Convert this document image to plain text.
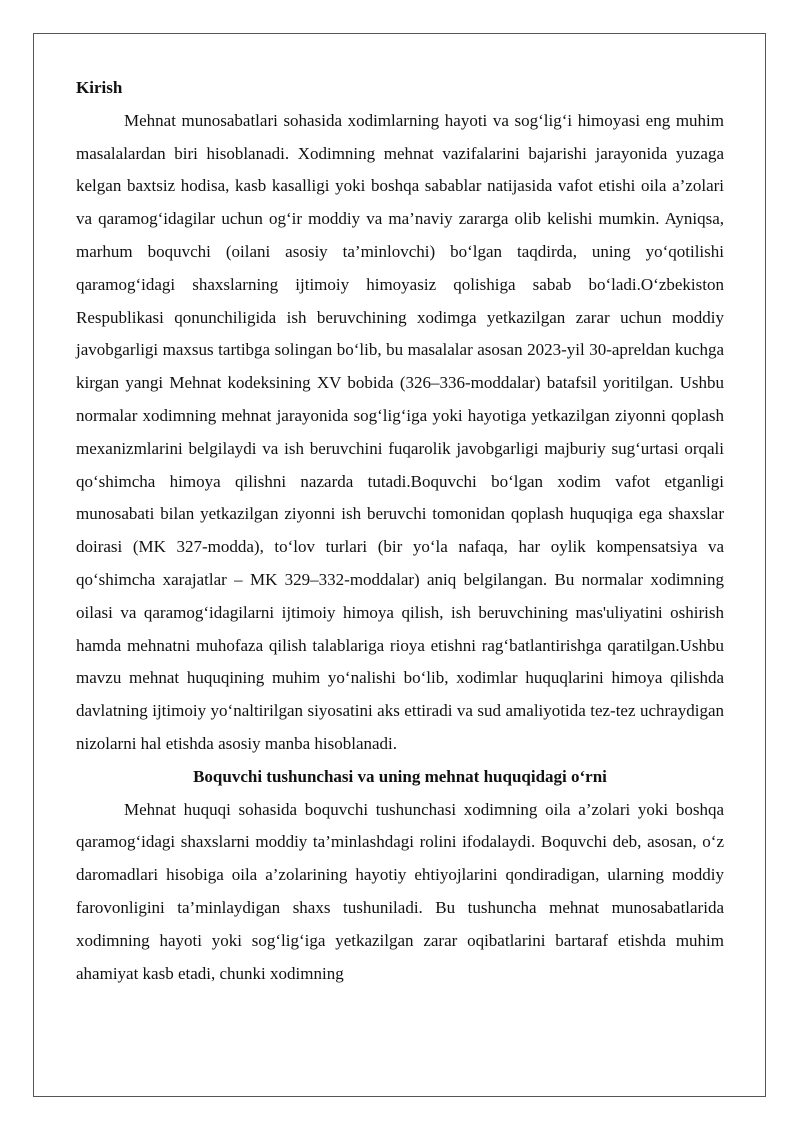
Kirish

Mehnat munosabatlari sohasida xodimlarning hayoti va sog‘lig‘i himoyasi eng muhim masalalardan biri hisoblanadi. Xodimning mehnat vazifalarini bajarishi jarayonida yuzaga kelgan baxtsiz hodisa, kasb kasalligi yoki boshqa sabablar natijasida vafot etishi oila a’zolari va qaramog‘idagilar uchun og‘ir moddiy va ma’naviy zararga olib kelishi mumkin. Ayniqsa, marhum boquvchi (oilani asosiy ta’minlovchi) bo‘lgan taqdirda, uning yo‘qotilishi qaramog‘idagi shaxslarning ijtimoiy himoyasiz qolishiga sabab bo‘ladi.O‘zbekiston Respublikasi qonunchiligida ish beruvchining xodimga yetkazilgan zarar uchun moddiy javobgarligi maxsus tartibga solingan bo‘lib, bu masalalar asosan 2023-yil 30-apreldan kuchga kirgan yangi Mehnat kodeksining XV bobida (326–336-moddalar) batafsil yoritilgan. Ushbu normalar xodimning mehnat jarayonida sog‘lig‘iga yoki hayotiga yetkazilgan ziyonni qoplash mexanizmlarini belgilaydi va ish beruvchini fuqarolik javobgarligi majburiy sug‘urtasi orqali qo‘shimcha himoya qilishni nazarda tutadi.Boquvchi bo‘lgan xodim vafot etganligi munosabati bilan yetkazilgan ziyonni ish beruvchi tomonidan qoplash huquqiga ega shaxslar doirasi (MK 327-modda), to‘lov turlari (bir yo‘la nafaqa, har oylik kompensatsiya va qo‘shimcha xarajatlar – MK 329–332-moddalar) aniq belgilangan. Bu normalar xodimning oilasi va qaramog‘idagilarni ijtimoiy himoya qilish, ish beruvchining mas'uliyatini oshirish hamda mehnatni muhofaza qilish talablariga rioya etishni rag‘batlantirishga qaratilgan.Ushbu mavzu mehnat huquqining muhim yo‘nalishi bo‘lib, xodimlar huquqlarini himoya qilishda davlatning ijtimoiy yo‘naltirilgan siyosatini aks ettiradi va sud amaliyotida tez-tez uchraydigan nizolarni hal etishda asosiy manba hisoblanadi.

Boquvchi tushunchasi va uning mehnat huquqidagi o‘rni

Mehnat huquqi sohasida boquvchi tushunchasi xodimning oila a’zolari yoki boshqa qaramog‘idagi shaxslarni moddiy ta’minlashdagi rolini ifodalaydi. Boquvchi deb, asosan, o‘z daromadlari hisobiga oila a’zolarining hayotiy ehtiyojlarini qondiradigan, ularning moddiy farovonligini ta’minlaydigan shaxs tushuniladi. Bu tushuncha mehnat munosabatlarida xodimning hayoti yoki sog‘lig‘iga yetkazilgan zarar oqibatlarini bartaraf etishda muhim ahamiyat kasb etadi, chunki xodimning
